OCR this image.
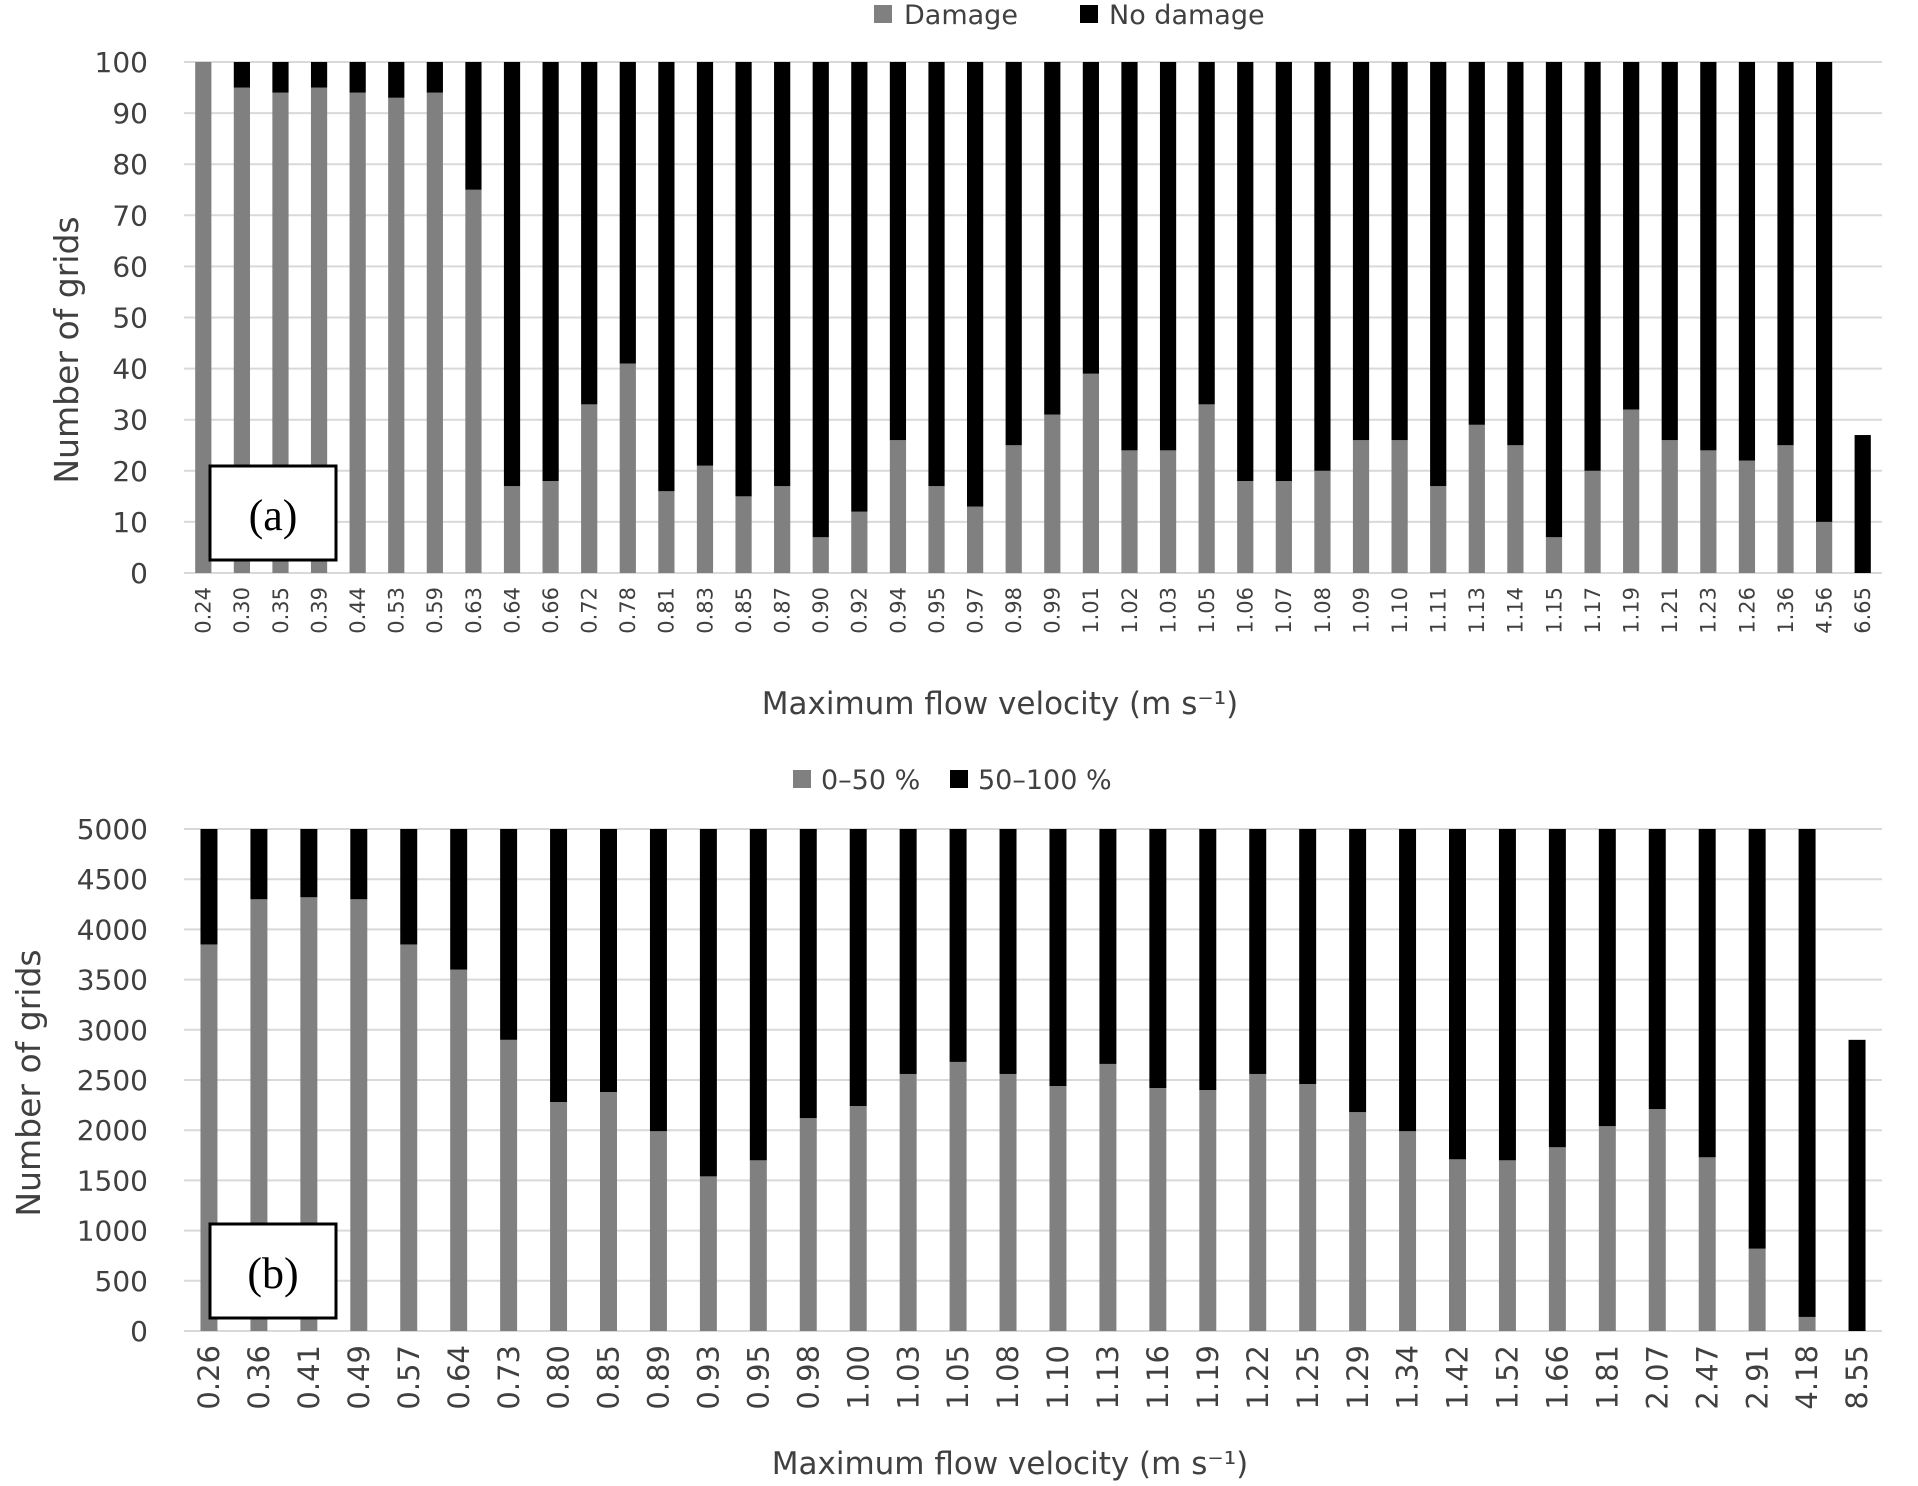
Damage	No damage
0
10
20
30
40
50
60
70
80
90
100
0.24 0.30 0.35 0.39 0.44 0.53 0.59 0.63 0.64 0.66 0.72 0.78 0.81 0.83 0.85 0.87 0.90 0.92 0.94 0.95 0.97 0.98 0.99 1.01 1.02 1.03 1.05 1.06 1.07 1.08 1.09 1.10 1.11 1.13 1.14 1.15 1.17 1.19 1.21 1.23 1.26 1.36 4.56 6.65
Number of grids
Maximum flow velocity (m s⁻¹)
(a)
0–50 % 50–100 %
0
500
1000
1500
2000
2500
3000
3500
4000
4500
5000
0.26 0.36 0.41 0.49 0.57 0.64 0.73 0.80 0.85 0.89 0.93 0.95 0.98 1.00 1.03 1.05 1.08 1.10 1.13 1.16 1.19 1.22 1.25 1.29 1.34 1.42 1.52 1.66 1.81 2.07 2.47 2.91 4.18 8.55
Number of grids
Maximum flow velocity (m s⁻¹)
(b)
